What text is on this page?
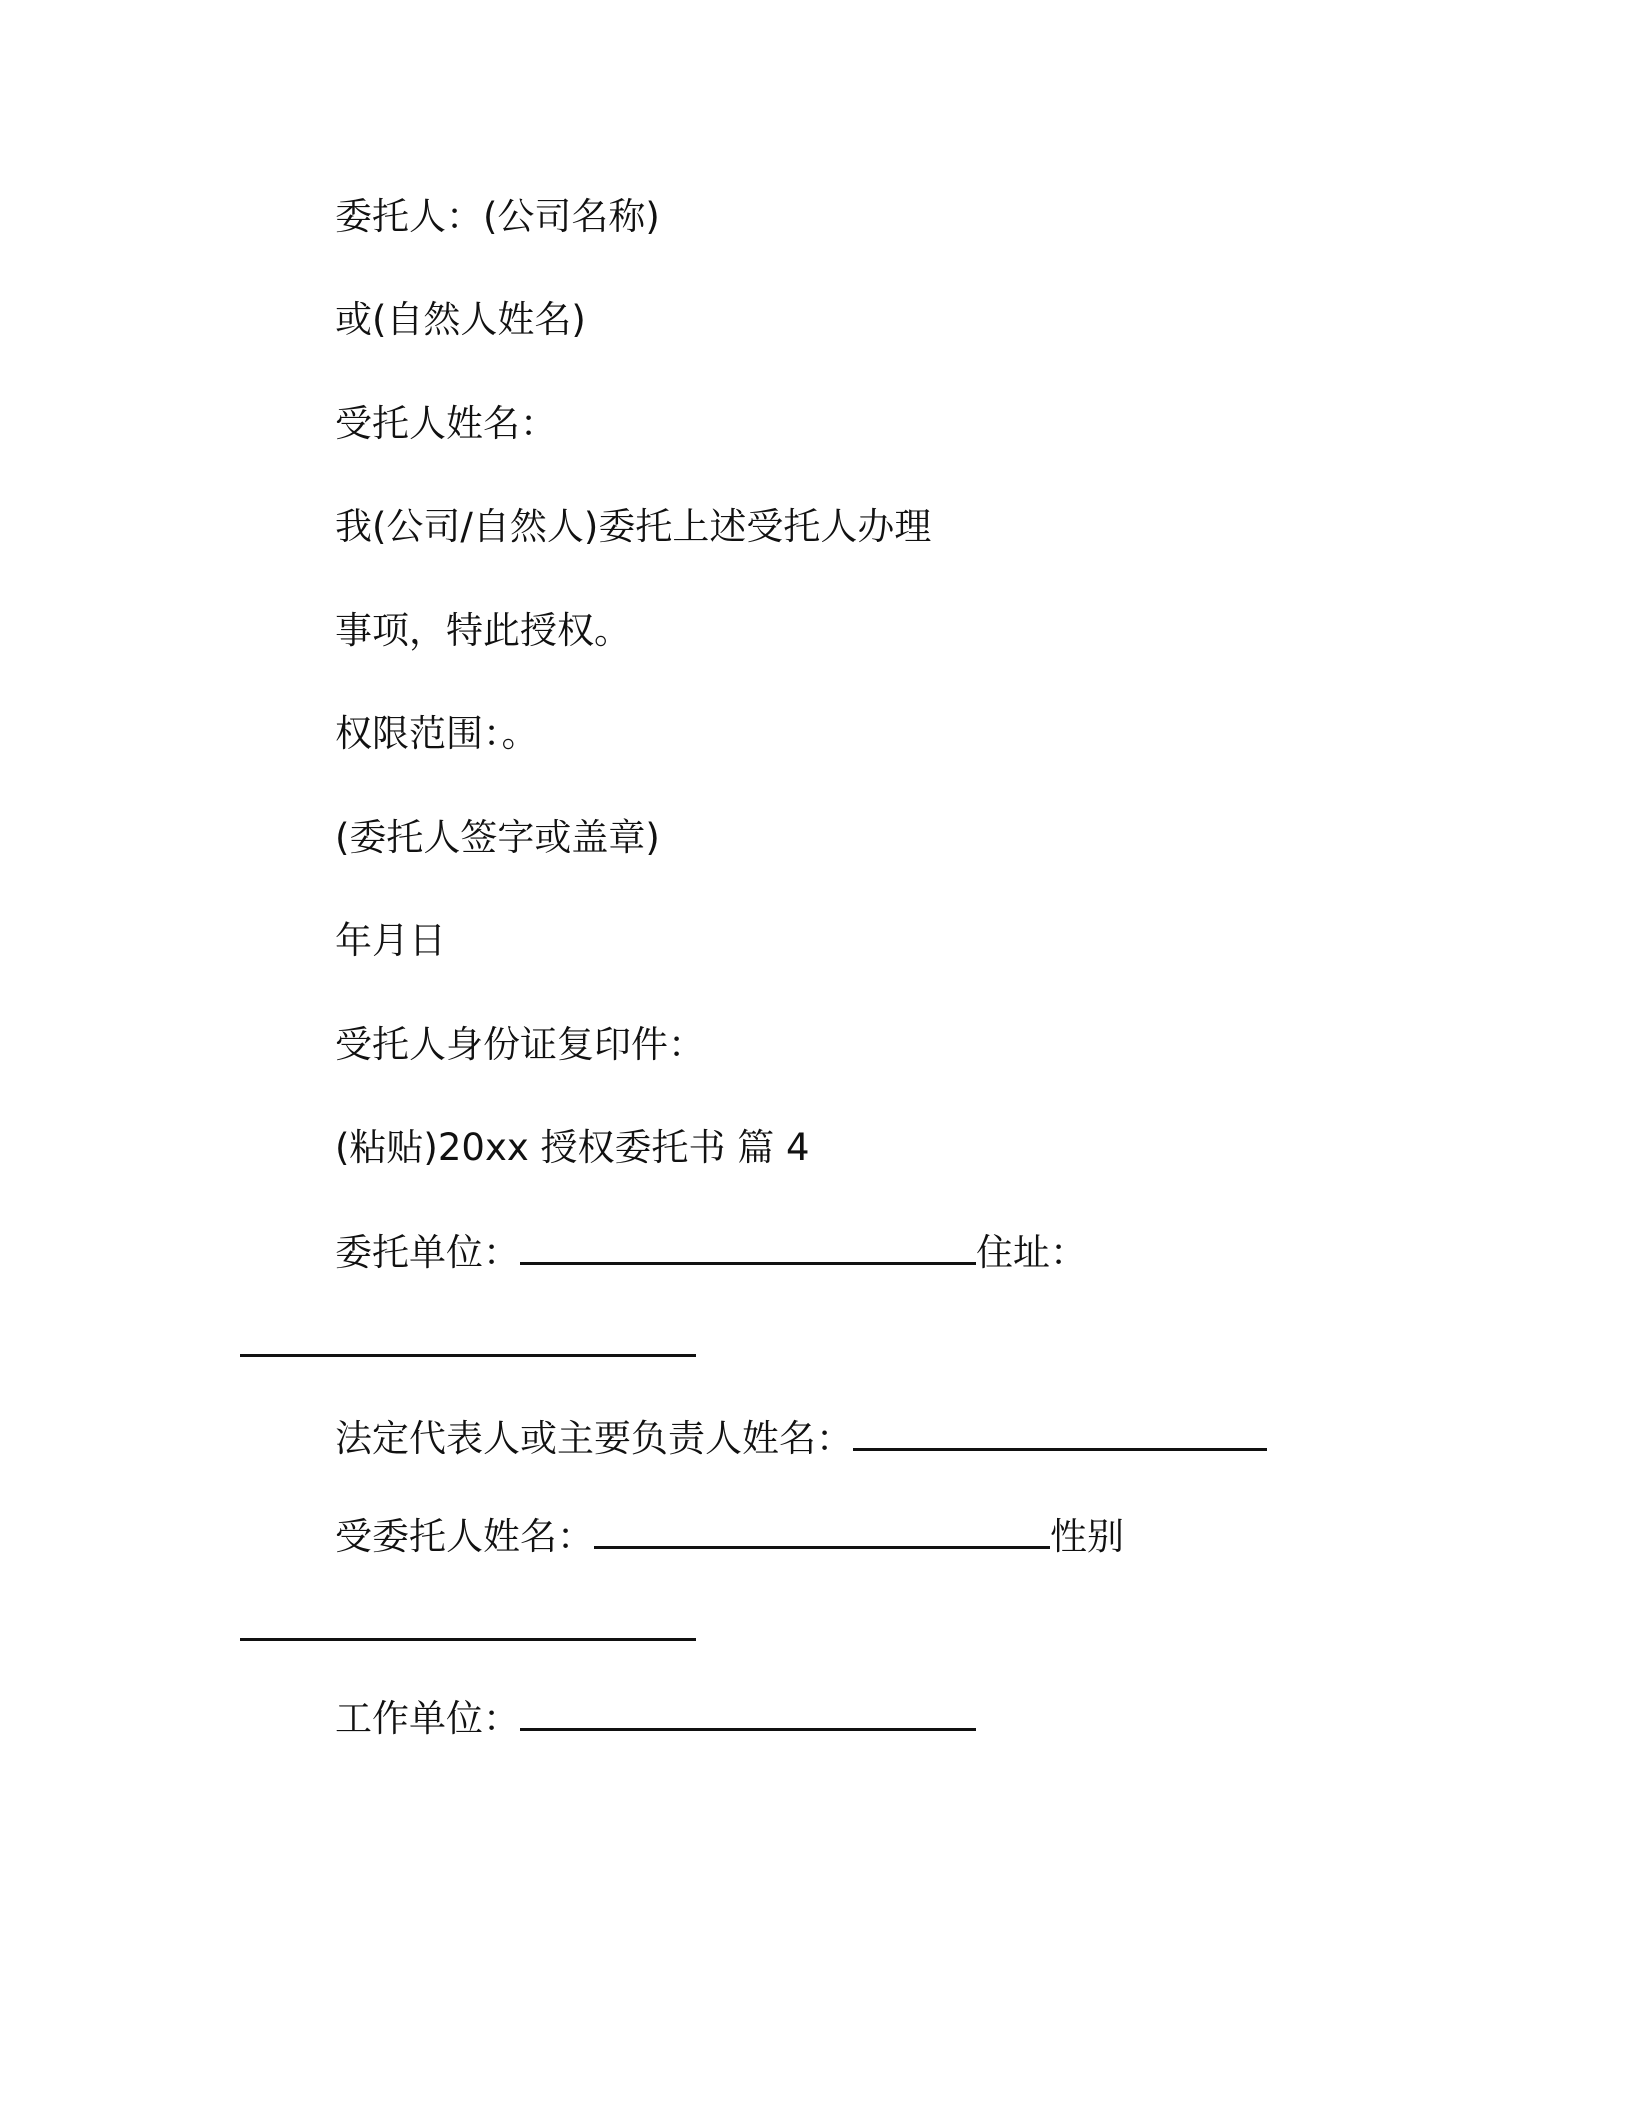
委托人：(公司名称)
或(自然人姓名)
受托人姓名：
我(公司/自然人)委托上述受托人办理
事项，特此授权。
权限范围：。
(委托人签字或盖章)
年月日
受托人身份证复印件：
(粘贴)20xx 授权委托书 篇 4
委托单位：	住址：
法定代表人或主要负责人姓名：
受委托人姓名：	性别
工作单位：
